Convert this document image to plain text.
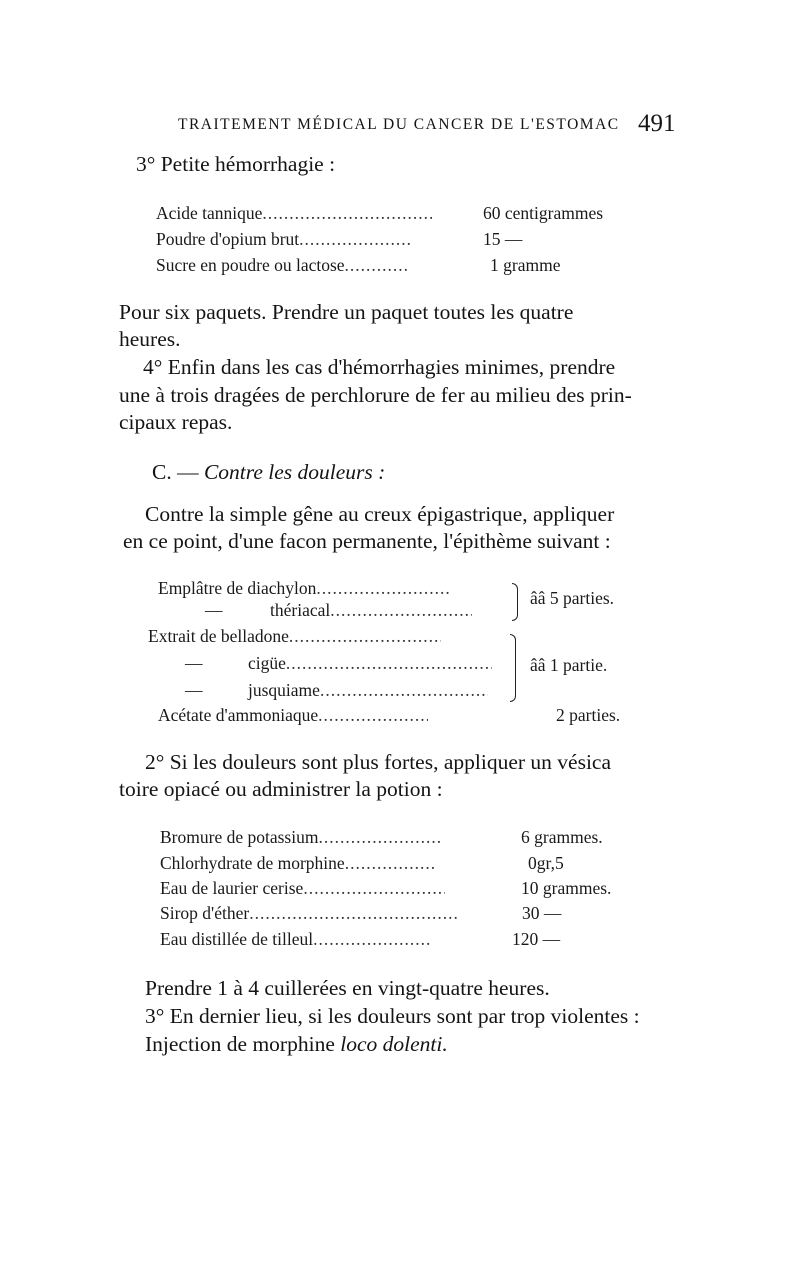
TRAITEMENT MÉDICAL DU CANCER DE L'ESTOMAC 491
3° Petite hémorrhagie :
Acide tannique .....	60 centigrammes
Poudre d'opium brut .....	15 —
Sucre en poudre ou lactose .....	1 gramme
Pour six paquets. Prendre un paquet toutes les quatre
heures.
4° Enfin dans les cas d'hémorrhagies minimes, prendre
une à trois dragées de perchlorure de fer au milieu des prin-
cipaux repas.
C. — Contre les douleurs :
Contre la simple gêne au creux épigastrique, appliquer
en ce point, d'une facon permanente, l'épithème suivant :
Emplâtre de diachylon.....
—	thériacal.....
ââ 5 parties.
Extrait de belladone.....
—	cigüe.....
—	jusquiame.....
ââ 1 partie.
Acétate d'ammoniaque .....	2 parties.
2° Si les douleurs sont plus fortes, appliquer un vésica
toire opiacé ou administrer la potion :
Bromure de potassium .....	6 grammes.
Chlorhydrate de morphine .....	0gr,5
Eau de laurier cerise .....	10 grammes.
Sirop d'éther .....	30 —
Eau distillée de tilleul .....	120 —
Prendre 1 à 4 cuillerées en vingt-quatre heures.
3° En dernier lieu, si les douleurs sont par trop violentes :
Injection de morphine loco dolenti.
